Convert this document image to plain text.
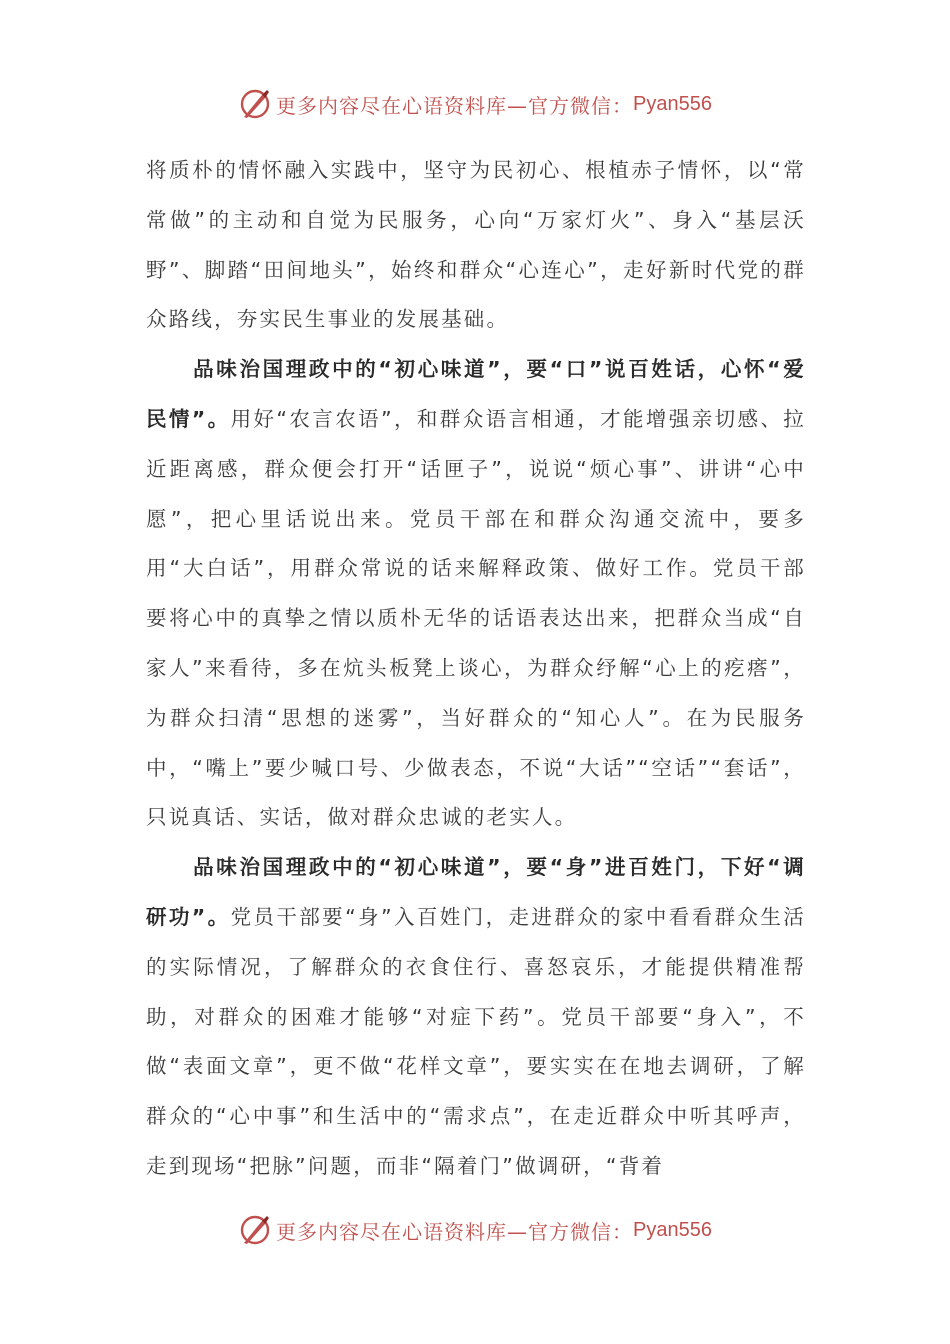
更多内容尽在心语资料库—官方微信： Pyan556

将质朴的情怀融入实践中，坚守为民初心、根植赤子情怀，以“常常做”的主动和自觉为民服务，心向“万家灯火”、身入“基层沃野”、脚踏“田间地头”，始终和群众“心连心”，走好新时代党的群众路线，夯实民生事业的发展基础。

品味治国理政中的“初心味道”，要“口”说百姓话，心怀“爱民情”。用好“农言农语”，和群众语言相通，才能增强亲切感、拉近距离感，群众便会打开“话匣子”，说说“烦心事”、讲讲“心中愿”，把心里话说出来。党员干部在和群众沟通交流中，要多用“大白话”，用群众常说的话来解释政策、做好工作。党员干部要将心中的真挚之情以质朴无华的话语表达出来，把群众当成“自家人”来看待，多在炕头板凳上谈心，为群众纾解“心上的疙瘩”，为群众扫清“思想的迷雾”，当好群众的“知心人”。在为民服务中，“嘴上”要少喊口号、少做表态，不说“大话”“空话”“套话”，只说真话、实话，做对群众忠诚的老实人。

品味治国理政中的“初心味道”，要“身”进百姓门，下好“调研功”。党员干部要“身”入百姓门，走进群众的家中看看群众生活的实际情况，了解群众的衣食住行、喜怒哀乐，才能提供精准帮助，对群众的困难才能够“对症下药”。党员干部要“身入”，不做“表面文章”，更不做“花样文章”，要实实在在地去调研，了解群众的“心中事”和生活中的“需求点”，在走近群众中听其呼声，走到现场“把脉”问题，而非“隔着门”做调研，“背着

更多内容尽在心语资料库—官方微信： Pyan556
